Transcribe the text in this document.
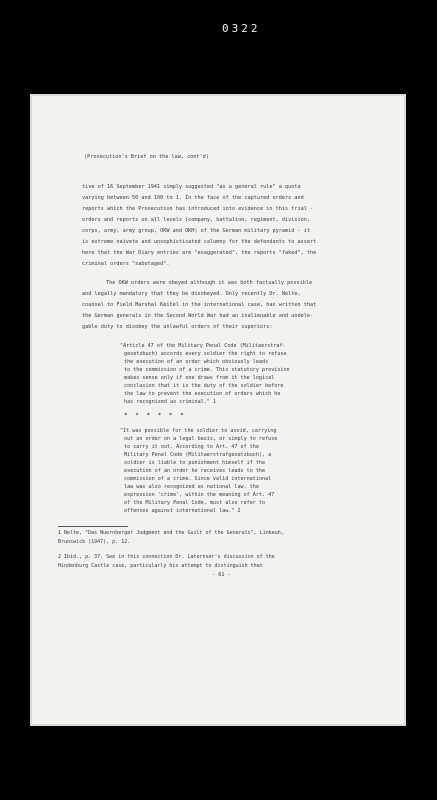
0322
(Prosecution's Brief on the law, cont'd)
tive of 16 September 1941 simply suggested "as a general rule" a quota
varying between 50 and 100 to 1. In the face of the captured orders and
reports which the Prosecution has introduced into evidence in this trial -
orders and reports on all levels (company, battalion, regiment, division,
corps, army, army group, OKW and OKH) of the German military pyramid - it
is extreme naivete and unsophisticated calumny for the defendants to assert
here that the War Diary entries are "exaggerated", the reports "faked", the
criminal orders "sabotaged".
The OKW orders were obeyed although it was both factually possible
and legally mandatory that they be disobeyed. Only recently Dr. Nelte,
counsel to Field Marshal Keitel in the international case, has written that
the German generals in the Second World War had an inalienable and undele-
gable duty to disobey the unlawful orders of their superiors:
"Article 47 of the Military Penal Code (Militaerstraf-
gesetzbuch) accords every soldier the right to refuse
the execution of an order which obviously leads
to the commission of a crime. This statutory provision
makes sense only if one draws from it the logical
conclusion that it is the duty of the soldier before
the law to prevent the execution of orders which he
has recognized as criminal." 1
* * * * * *
"It was possible for the soldier to avoid, carrying
out an order on a legal basis, or simply to refuse
to carry it out. According to Art. 47 of the
Military Penal Code (Militaerstrafgesetzbuch), a
soldier is liable to punishment himself if the
execution of an order he receives leads to the
commission of a crime. Since valid international
law was also recognized as national law, the
expression 'crime', within the meaning of Art. 47
of the Military Penal Code, must also refer to
offenses against international law." 2
1 Nelte, "Das Nuernberger Judgment and the Guilt of the Generals", Linkeuh,
Brunswick (1947), p. 12.
2 Ibid., p. 37. See in this connection Dr. Laternser's discussion of the
Hindenburg Castle case, particularly his attempt to distinguish that
- 61 -
